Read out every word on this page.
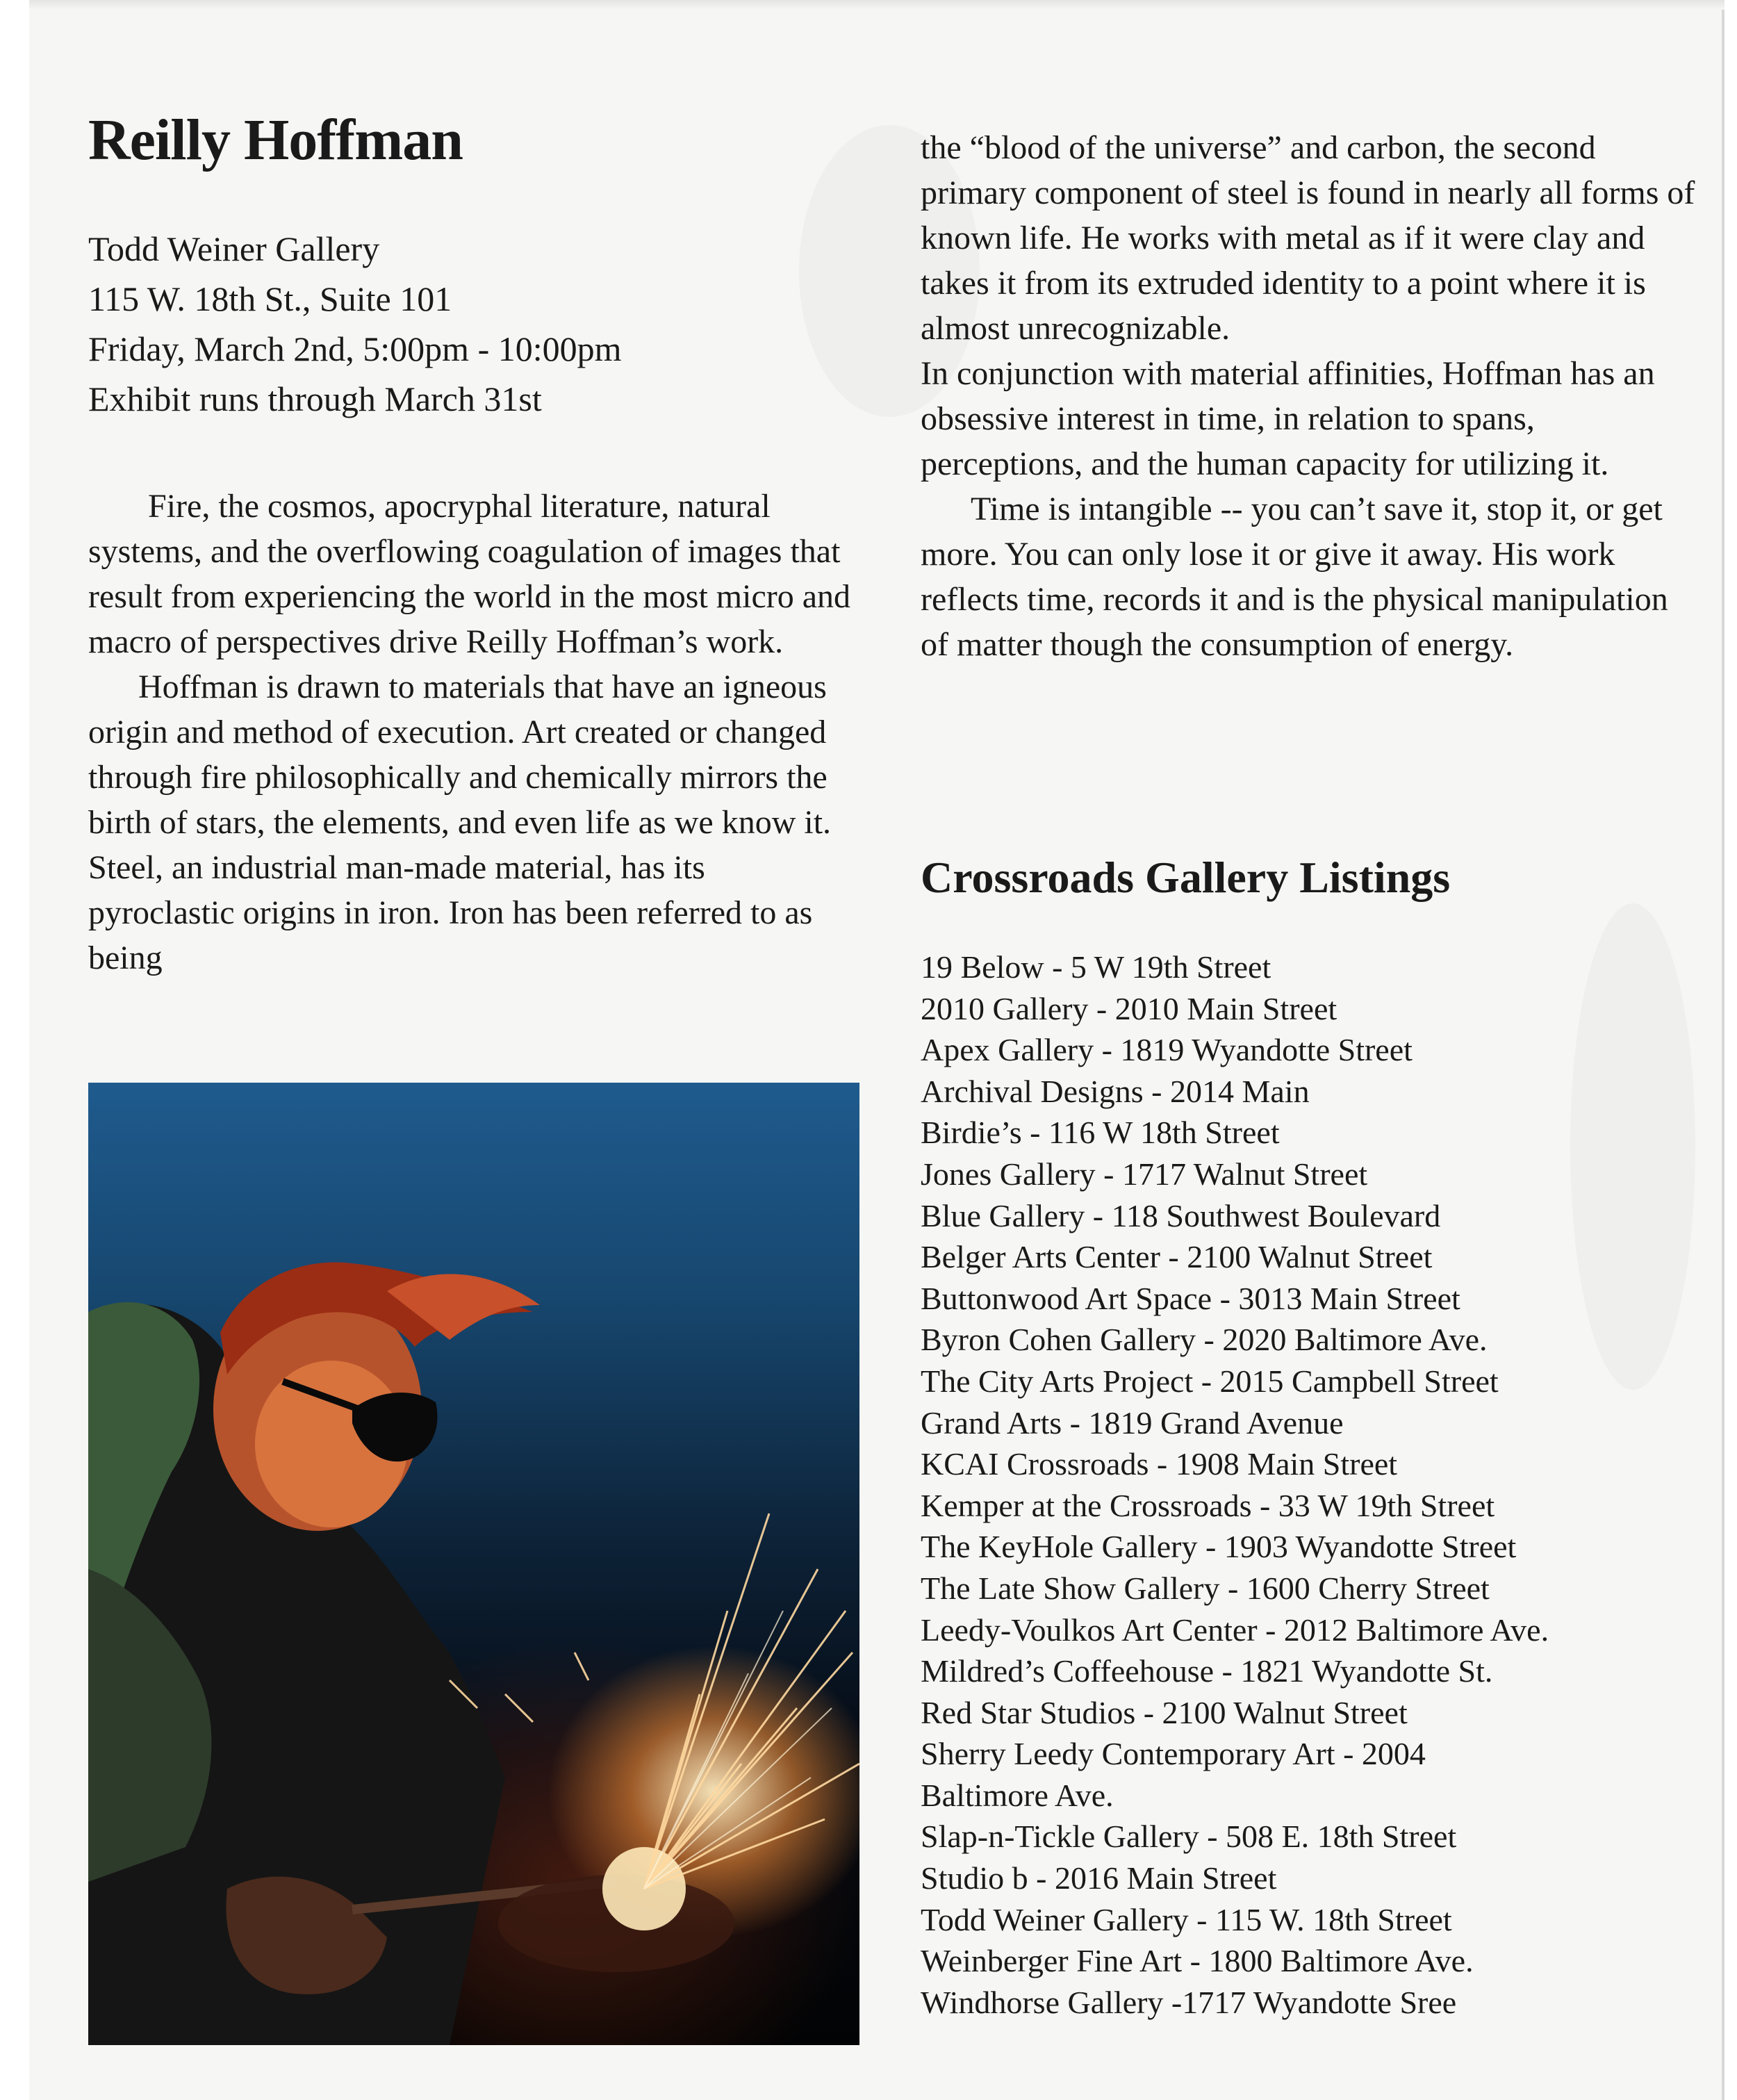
Reilly Hoffman
Todd Weiner Gallery
115 W. 18th St., Suite 101
Friday, March 2nd, 5:00pm - 10:00pm
Exhibit runs through March 31st

Fire, the cosmos, apocryphal literature, natural systems, and the overflowing coagulation of images that result from experiencing the world in the most micro and macro of perspectives drive Reilly Hoffman’s work.

Hoffman is drawn to materials that have an igneous origin and method of execution. Art created or changed through fire philosophically and chemically mirrors the birth of stars, the elements, and even life as we know it. Steel, an industrial man-made material, has its pyroclastic origins in iron. Iron has been referred to as being

the “blood of the universe” and carbon, the second primary component of steel is found in nearly all forms of known life. He works with metal as if it were clay and takes it from its extruded identity to a point where it is almost unrecognizable.

In conjunction with material affinities, Hoffman has an obsessive interest in time, in relation to spans, perceptions, and the human capacity for utilizing it.

Time is intangible -- you can’t save it, stop it, or get more. You can only lose it or give it away. His work reflects time, records it and is the physical manipulation of matter though the consumption of energy.

Crossroads Gallery Listings
19 Below - 5 W 19th Street
2010 Gallery - 2010 Main Street
Apex Gallery - 1819 Wyandotte Street
Archival Designs - 2014 Main
Birdie’s - 116 W 18th Street
Jones Gallery - 1717 Walnut Street
Blue Gallery - 118 Southwest Boulevard
Belger Arts Center - 2100 Walnut Street
Buttonwood Art Space - 3013 Main Street
Byron Cohen Gallery - 2020 Baltimore Ave.
The City Arts Project - 2015 Campbell Street
Grand Arts - 1819 Grand Avenue
KCAI Crossroads - 1908 Main Street
Kemper at the Crossroads - 33 W 19th Street
The KeyHole Gallery - 1903 Wyandotte Street
The Late Show Gallery - 1600 Cherry Street
Leedy-Voulkos Art Center - 2012 Baltimore Ave.
Mildred’s Coffeehouse - 1821 Wyandotte St.
Red Star Studios - 2100 Walnut Street
Sherry Leedy Contemporary Art - 2004
Baltimore Ave.
Slap-n-Tickle Gallery - 508 E. 18th Street
Studio b - 2016 Main Street
Todd Weiner Gallery - 115 W. 18th Street
Weinberger Fine Art - 1800 Baltimore Ave.
Windhorse Gallery -1717 Wyandotte Sree
